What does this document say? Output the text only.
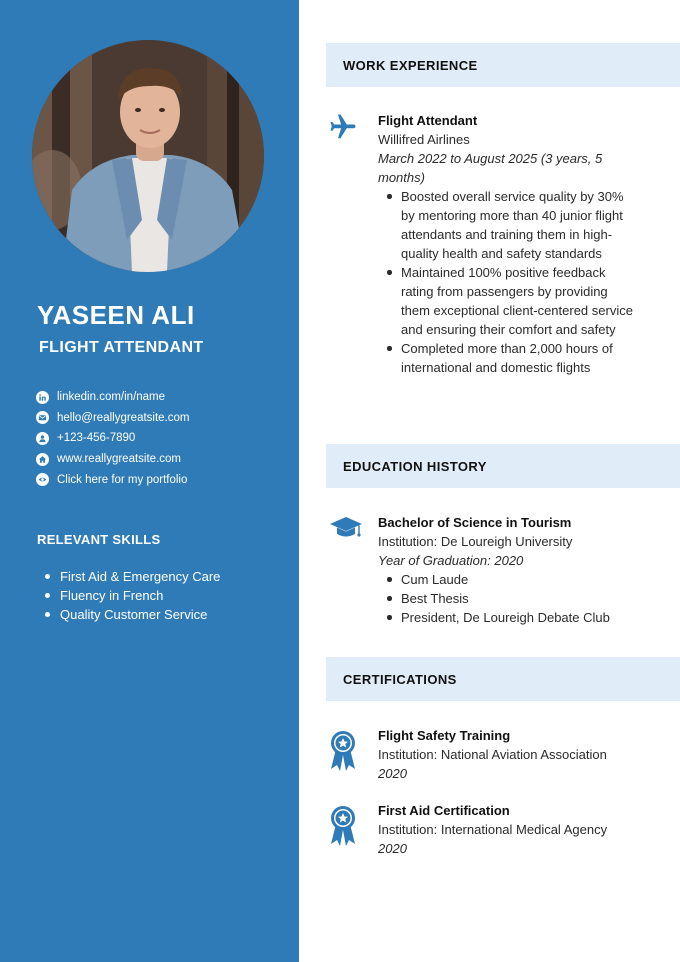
YASEEN ALI
FLIGHT ATTENDANT
linkedin.com/in/name
hello@reallygreatsite.com
+123-456-7890
www.reallygreatsite.com
Click here for my portfolio
RELEVANT SKILLS
First Aid & Emergency Care
Fluency in French
Quality Customer Service
WORK EXPERIENCE
Flight Attendant
Willifred Airlines
March 2022 to August 2025 (3 years, 5 months)
Boosted overall service quality by 30% by mentoring more than 40 junior flight attendants and training them in high-quality health and safety standards
Maintained 100% positive feedback rating from passengers by providing them exceptional client-centered service and ensuring their comfort and safety
Completed more than 2,000 hours of international and domestic flights
EDUCATION HISTORY
Bachelor of Science in Tourism
Institution: De Loureigh University
Year of Graduation: 2020
Cum Laude
Best Thesis
President, De Loureigh Debate Club
CERTIFICATIONS
Flight Safety Training
Institution: National Aviation Association
2020
First Aid Certification
Institution: International Medical Agency
2020
